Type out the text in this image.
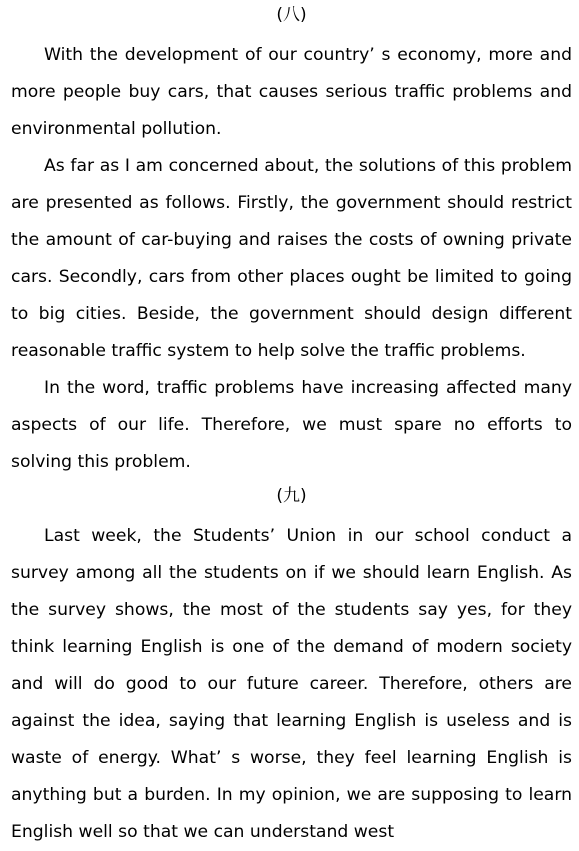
(八)

With the development of our country’ s economy, more and more people buy cars, that causes serious traffic problems and environmental pollution.

As far as I am concerned about, the solutions of this problem are presented as follows. Firstly, the government should restrict the amount of car-buying and raises the costs of owning private cars. Secondly, cars from other places ought be limited to going to big cities. Beside, the government should design different reasonable traffic system to help solve the traffic problems.

In the word, traffic problems have increasing affected many aspects of our life. Therefore, we must spare no efforts to solving this problem.

(九)

Last week, the Students’ Union in our school conduct a survey among all the students on if we should learn English. As the survey shows, the most of the students say yes, for they think learning English is one of the demand of modern society and will do good to our future career. Therefore, others are against the idea, saying that learning English is useless and is waste of energy. What’ s worse, they feel learning English is anything but a burden. In my opinion, we are supposing to learn English well so that we can understand west
